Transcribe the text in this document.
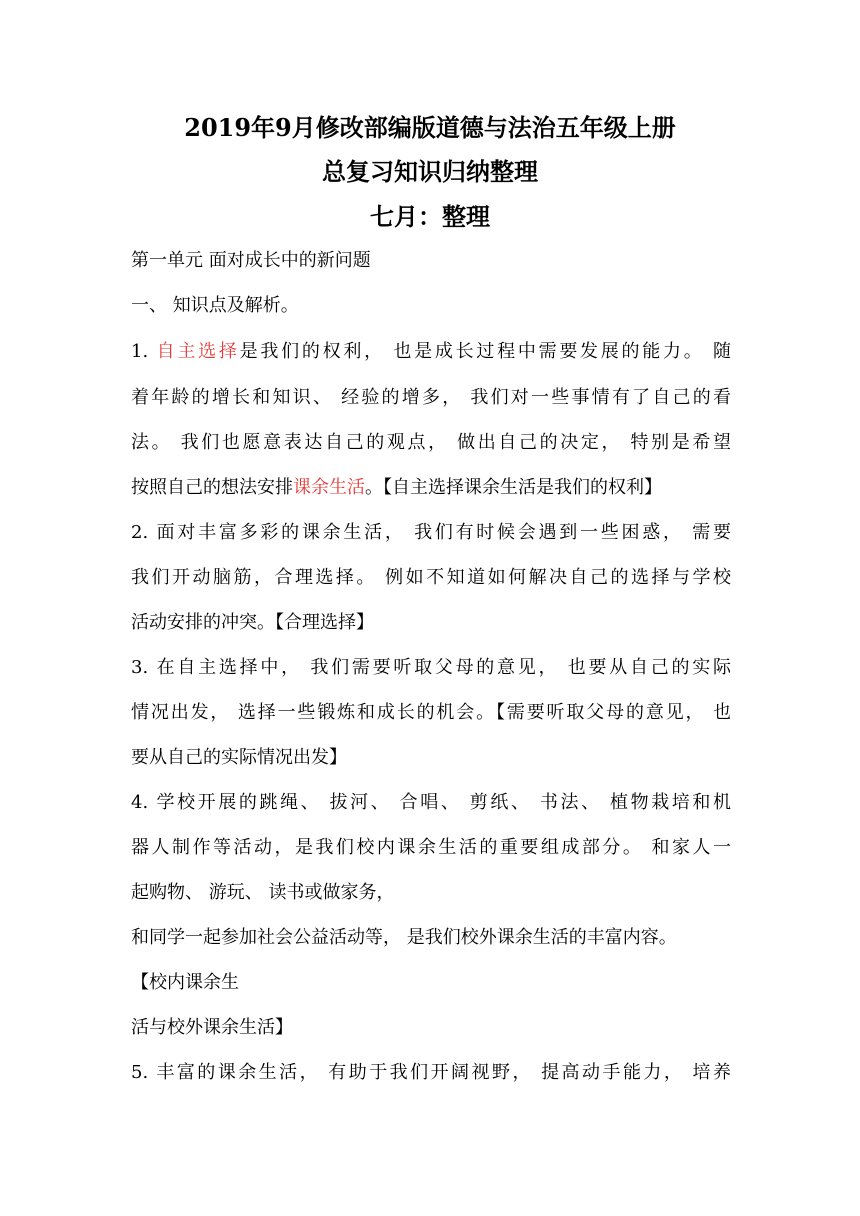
2019年9月修改部编版道德与法治五年级上册
总复习知识归纳整理
七月：整理
第一单元 面对成长中的新问题
一、 知识点及解析。
1. 自主选择是我们的权利， 也是成长过程中需要发展的能力。 随
着年龄的增长和知识、 经验的增多， 我们对一些事情有了自己的看
法。 我们也愿意表达自己的观点， 做出自己的决定， 特别是希望
按照自己的想法安排课余生活。【自主选择课余生活是我们的权利】
2. 面对丰富多彩的课余生活， 我们有时候会遇到一些困惑， 需要
我们开动脑筋，合理选择。 例如不知道如何解决自己的选择与学校
活动安排的冲突。【合理选择】
3. 在自主选择中， 我们需要听取父母的意见， 也要从自己的实际
情况出发， 选择一些锻炼和成长的机会。【需要听取父母的意见， 也
要从自己的实际情况出发】
4. 学校开展的跳绳、 拔河、 合唱、 剪纸、 书法、 植物栽培和机
器人制作等活动，是我们校内课余生活的重要组成部分。 和家人一
起购物、 游玩、 读书或做家务，
和同学一起参加社会公益活动等， 是我们校外课余生活的丰富内容。
【校内课余生
活与校外课余生活】
5. 丰富的课余生活， 有助于我们开阔视野， 提高动手能力， 培养
